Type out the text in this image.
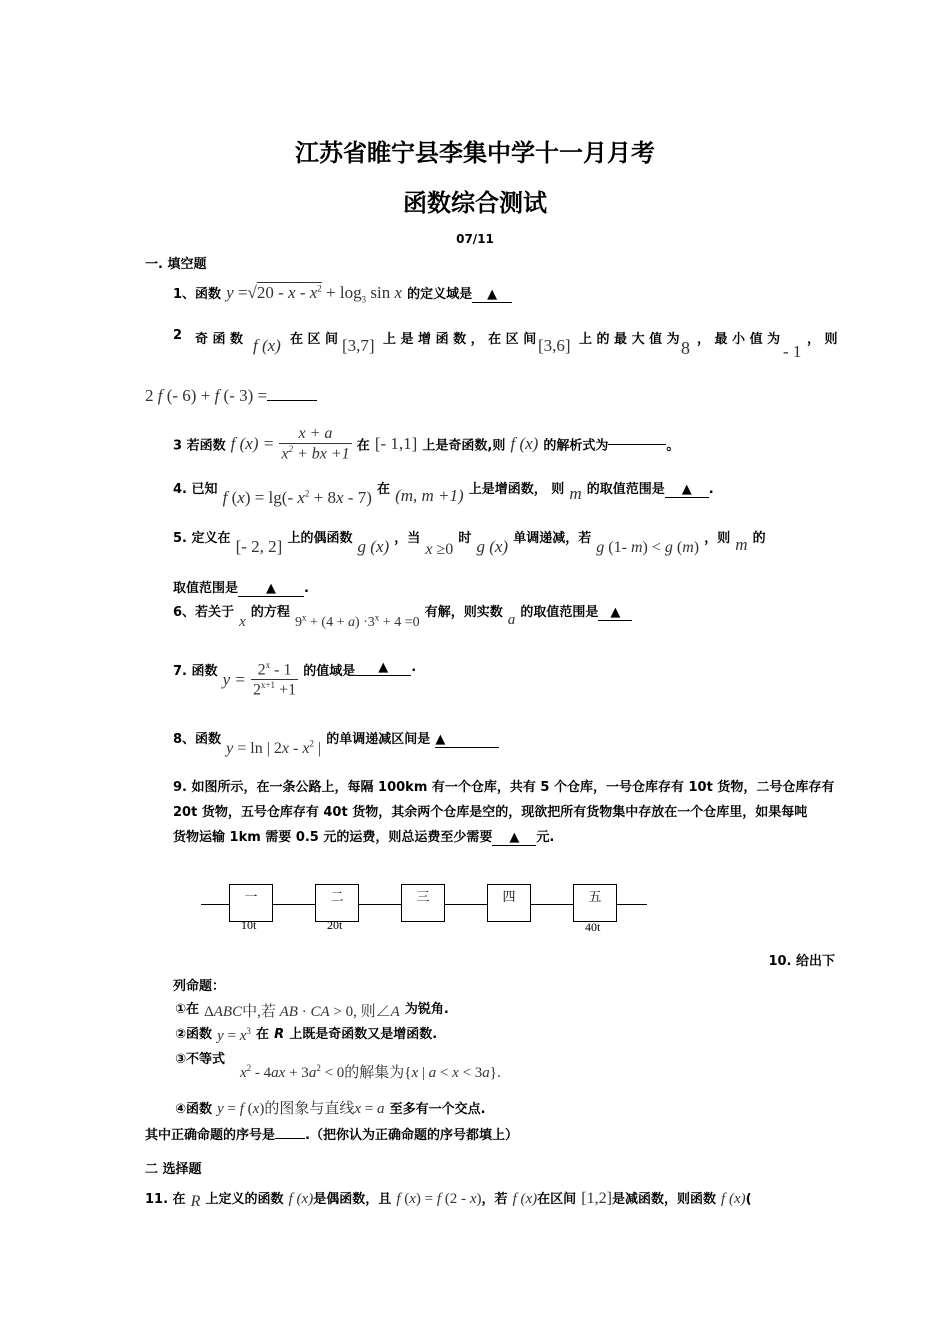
江苏省睢宁县李集中学十一月月考
函数综合测试
07/11
一. 填空题
1、函数 $y =√20 - x - x^2 + \log_3 \sin x$ 的定义域是 ▲
2 奇 函 数 f (x) 在 区 间 [3,7] 上 是 增 函 数 ， 在 区 间 [3,6] 上 的 最 大 值 为 8 ， 最 小 值 为
- 1
， 则
2 f (- 6) + f (- 3) =
3 若函数 f $(x) = \frac{x + a}{x^2 + bx +1}$ 在 [- 1,1] 上是奇函数,则 f (x) 的解析式为	。
4. 已知 f (x) = lg(- $x^2 + 8x - 7$) 在 (m, m +1) 上是增函数， 则 m 的取值范围是 ▲ .
5. 定义在 [- 2, 2] 上的偶函数 g (x) ，当 x ≥0 时 g (x) 单调递减，若 g (1- m) < g (m) ，则 m 的
取值范围是 ▲ .
6、若关于 x 的方程 $9^x + (4 + a) \cdot 3^x + 4 =0$ 有解，则实数 a 的取值范围是 ▲
$^{7. 函数}$ $y = \frac{2^x - 1}{2^{x+1} +1} ^{的值域是}$ ▲ .
8、函数 y = ln | $2x - x^2$ | 的单调递减区间是 ▲
9. 如图所示，在一条公路上，每隔 100km 有一个仓库，共有 5 个仓库，一号仓库存有 10t 货物，二号仓库存有
20t 货物，五号仓库存有 40t 货物，其余两个仓库是空的，现欲把所有货物集中存放在一个仓库里，如果每吨
货物运输 1km 需要 0.5 元的运费，则总运费至少需要 ▲ 元.
一	二	三	四	五
10t	20t	40t
10. 给出下
列命题：
①在 ΔABC中,若 AB · CA > 0, 则∠A 为锐角.
②函数 $y = x^3$ 在 R 上既是奇函数又是增函数.
③不等式
$x^2 - 4ax + 3a^2 < 0$的解集为{x | a < x < 3a}.
④函数 y = f (x)的图象与直线x = a 至多有一个交点.
其中正确命题的序号是 .（把你认为正确命题的序号都填上）
二 选择题
11. 在 R 上定义的函数 f (x)是偶函数，且 f (x) = f (2 - x)，若 f (x)在区间 [1,2]是减函数，则函数 f (x)(
